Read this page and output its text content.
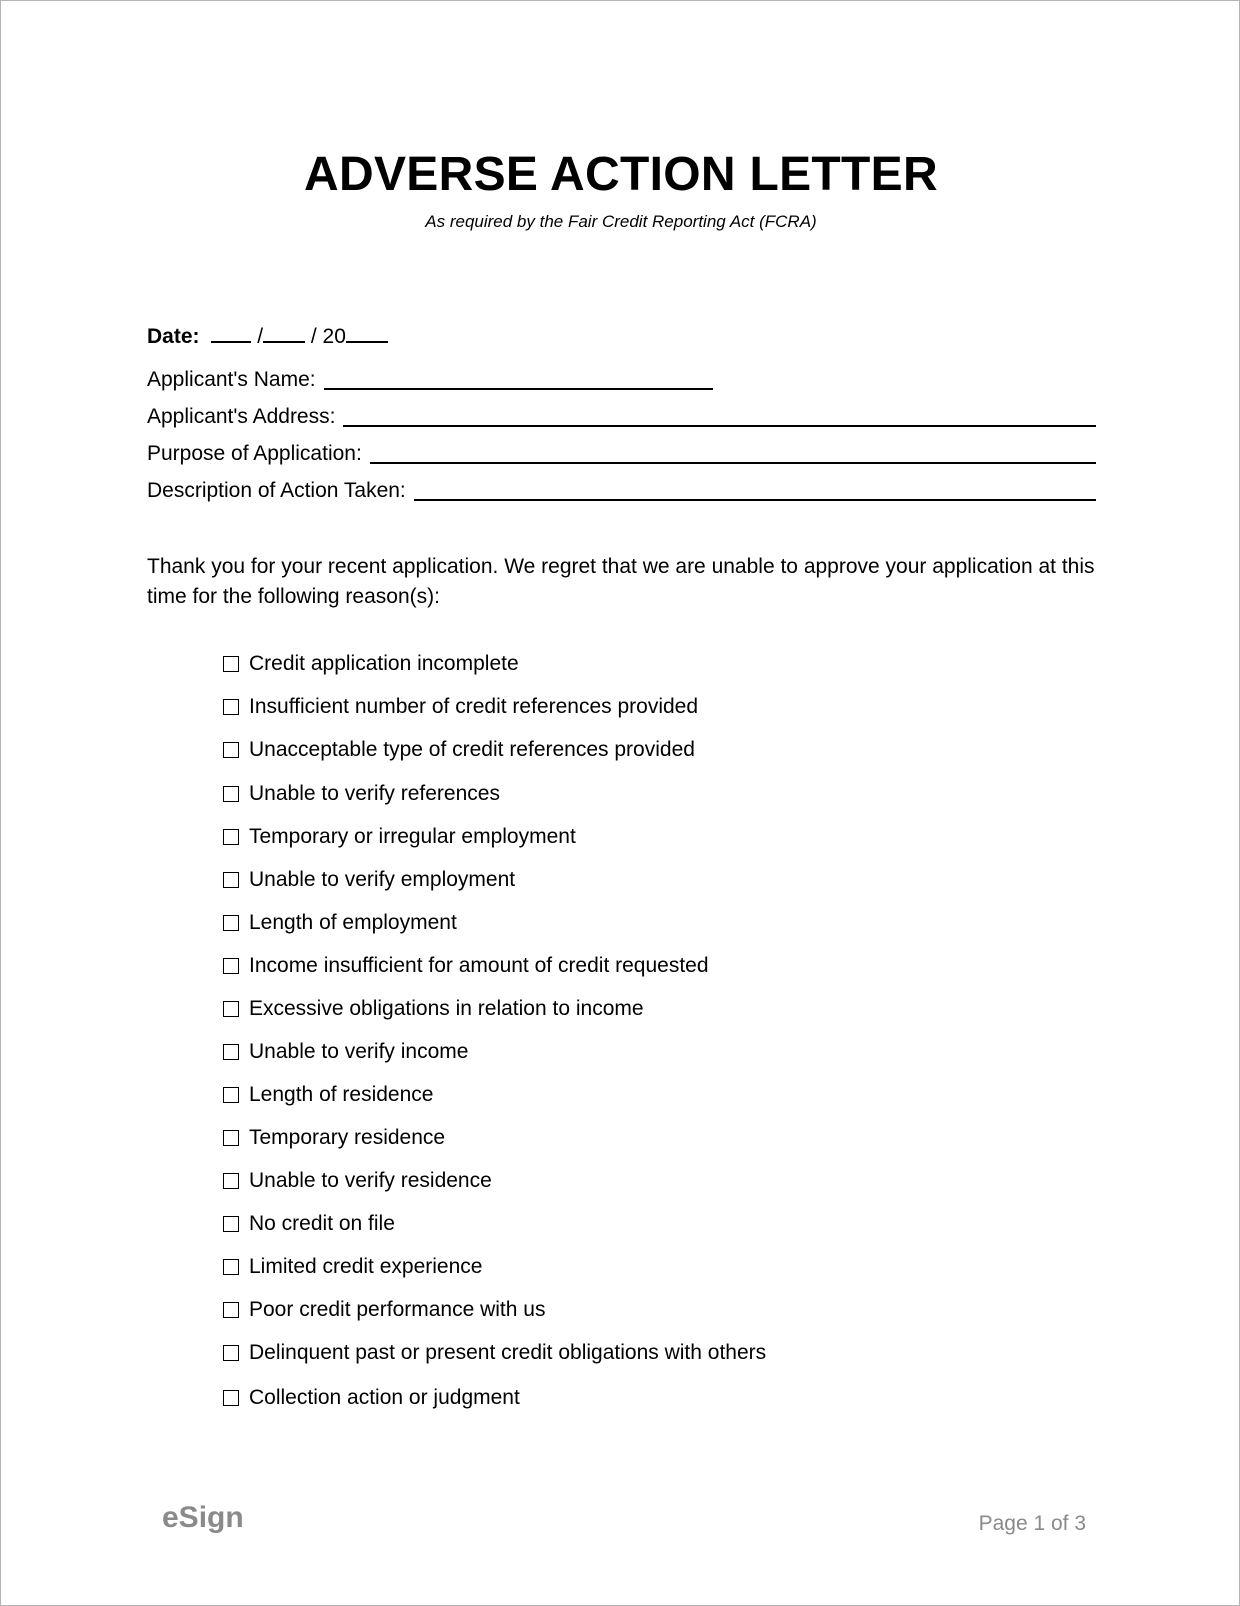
ADVERSE ACTION LETTER
As required by the Fair Credit Reporting Act (FCRA)
Date:	/ / 20
Applicant's Name:
Applicant's Address:
Purpose of Application:
Description of Action Taken:
Thank you for your recent application. We regret that we are unable to approve your application at this time for the following reason(s):
Credit application incomplete
Insufficient number of credit references provided
Unacceptable type of credit references provided
Unable to verify references
Temporary or irregular employment
Unable to verify employment
Length of employment
Income insufficient for amount of credit requested
Excessive obligations in relation to income
Unable to verify income
Length of residence
Temporary residence
Unable to verify residence
No credit on file
Limited credit experience
Poor credit performance with us
Delinquent past or present credit obligations with others
Collection action or judgment
eSign	Page 1 of 3
